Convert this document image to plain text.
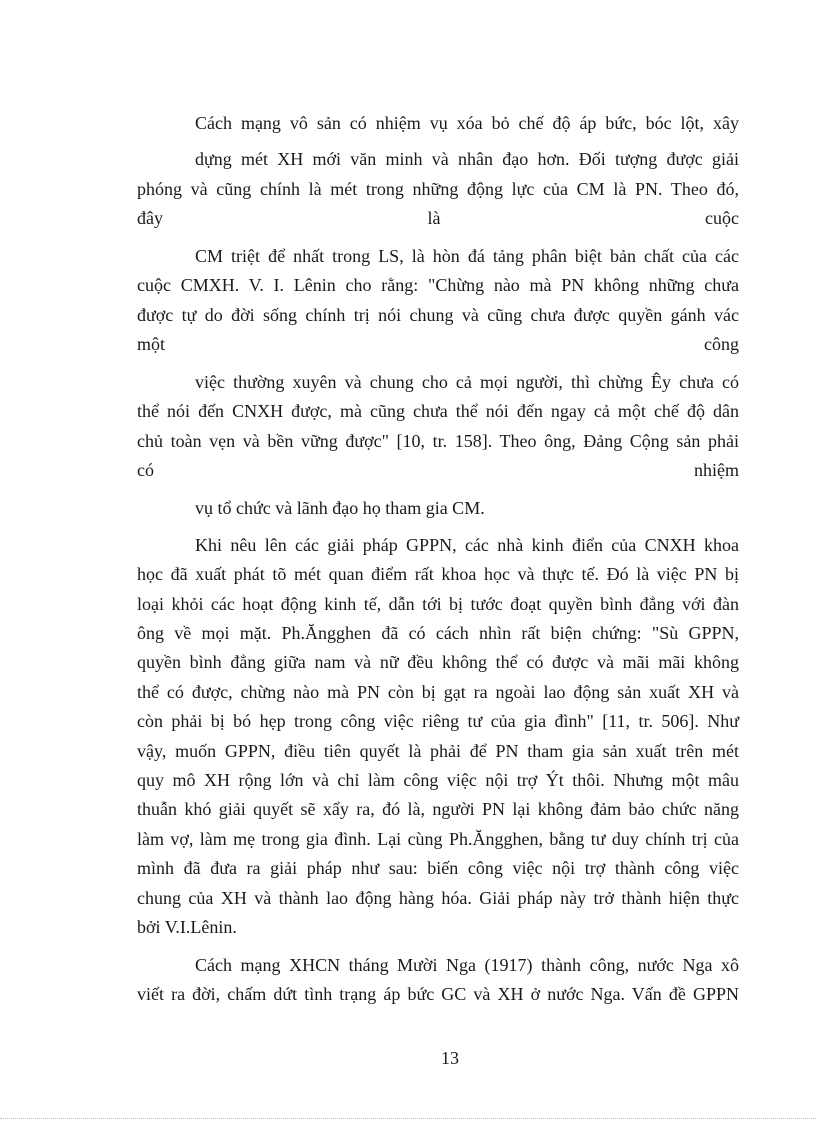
Cách mạng vô sản có nhiệm vụ xóa bỏ chế độ áp bức, bóc lột, xây

dựng mét XH mới văn minh và nhân đạo hơn. Đối tượng được giải

phóng và cũng chính là mét trong những động lực của CM là PN. Theo đó,

đây	là	cuộc

CM triệt để nhất trong LS, là hòn đá tảng phân biệt bản chất của các

cuộc CMXH. V. I. Lênin cho rằng: "Chừng nào mà PN không những chưa

được tự do đời sống chính trị nói chung và cũng chưa được quyền gánh vác

một	công

việc thường xuyên và chung cho cả mọi người, thì chừng Êy chưa có

thể nói đến CNXH được, mà cũng chưa thể nói đến ngay cả một chế độ dân

chủ toàn vẹn và bền vững được" [10, tr. 158]. Theo ông, Đảng Cộng sản phải

có	nhiệm

vụ tổ chức và lãnh đạo họ tham gia CM.

Khi nêu lên các giải pháp GPPN, các nhà kinh điển của CNXH khoa

học đã xuất phát tõ mét quan điểm rất khoa học và thực tế. Đó là việc PN bị

loại khỏi các hoạt động kinh tế, dẫn tới bị tước đoạt quyền bình đẳng với đàn

ông về mọi mặt. Ph.Ăngghen đã có cách nhìn rất biện chứng: "Sù GPPN,

quyền bình đẳng giữa nam và nữ đều không thể có được và mãi mãi không

thể có được, chừng nào mà PN còn bị gạt ra ngoài lao động sản xuất XH và

còn phải bị bó hẹp trong công việc riêng tư của gia đình" [11, tr. 506]. Như

vậy, muốn GPPN, điều tiên quyết là phải để PN tham gia sản xuất trên mét

quy mô XH rộng lớn và chỉ làm công việc nội trợ Ýt thôi. Nhưng một mâu

thuẫn khó giải quyết sẽ xẩy ra, đó là, người PN lại không đảm bảo chức năng

làm vợ, làm mẹ trong gia đình. Lại cùng Ph.Ăngghen, bằng tư duy chính trị của

mình đã đưa ra giải pháp như sau: biến công việc nội trợ thành công việc

chung của XH và thành lao động hàng hóa. Giải pháp này trở thành hiện thực

bởi V.I.Lênin.

Cách mạng XHCN tháng Mười Nga (1917) thành công, nước Nga xô

viết ra đời, chấm dứt tình trạng áp bức GC và XH ở nước Nga. Vấn đề GPPN

13
